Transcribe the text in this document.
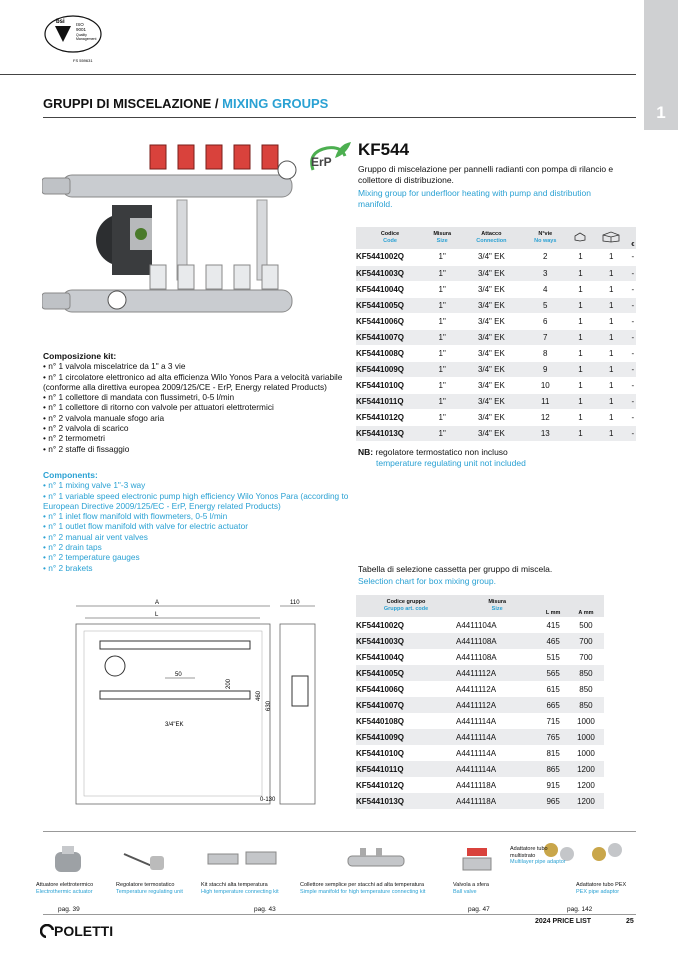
1
bsi	ISO
9001
Quality
Management
FS 559631
GRUPPI DI MISCELAZIONE / MIXING GROUPS
ErP
KF544
Gruppo di miscelazione per pannelli radianti con pompa di rilancio e collettore di distribuzione.
Mixing group for underfloor heating with pump and distribution manifold.
Codice
Code	Misura
Size	Attacco
Connection	N°vie
No ways			€

KF5441002Q	1"	3/4" EK	2	1	1	-
KF5441003Q	1"	3/4" EK	3	1	1	-
KF5441004Q	1"	3/4" EK	4	1	1	-
KF5441005Q	1"	3/4" EK	5	1	1	-
KF5441006Q	1"	3/4" EK	6	1	1	-
KF5441007Q	1"	3/4" EK	7	1	1	-
KF5441008Q	1"	3/4" EK	8	1	1	-
KF5441009Q	1"	3/4" EK	9	1	1	-
KF5441010Q	1"	3/4" EK	10	1	1	-
KF5441011Q	1"	3/4" EK	11	1	1	-
KF5441012Q	1"	3/4" EK	12	1	1	-
KF5441013Q	1"	3/4" EK	13	1	1	-
NB: regolatore termostatico non incluso
temperature regulating unit not included
Composizione kit:
• n° 1 valvola miscelatrice da 1" a 3 vie
• n° 1 circolatore elettronico ad alta efficienza Wilo Yonos Para a velocità variabile (conforme alla direttiva europea 2009/125/CE - ErP, Energy related Products)
• n° 1 collettore di mandata con flussimetri, 0-5 l/min
• n° 1 collettore di ritorno con valvole per attuatori elettrotermici
• n° 2 valvola manuale sfogo aria
• n° 2 valvola di scarico
• n° 2 termometri
• n° 2 staffe di fissaggio
Components:
• n° 1 mixing valve 1"-3 way
• n° 1 variable speed electronic pump high efficiency Wilo Yonos Para (according to European Directive 2009/125/EC - ErP, Energy related Products)
• n° 1 inlet flow manifold with flowmeters, 0-5 l/min
• n° 1 outlet flow manifold with valve for electric actuator
• n° 2 manual air vent valves
• n° 2 drain taps
• n° 2 temperature gauges
• n° 2 brakets	Tabella di selezione cassetta per gruppo di miscela.
Selection chart for box mixing group.
A
L
110
50
200
460
630
3/4"EK
0-130
Codice gruppo
Gruppo art. code	Misura
Size	L mm	A mm
KF5441002Q	A4411104A	415	500
KF5441003Q	A4411108A	465	700
KF5441004Q	A4411108A	515	700
KF5441005Q	A4411112A	565	850
KF5441006Q	A4411112A	615	850
KF5441007Q	A4411112A	665	850
KF5440108Q	A4411114A	715	1000
KF5441009Q	A4411114A	765	1000
KF5441010Q	A4411114A	815	1000
KF5441011Q	A4411114A	865	1200
KF5441012Q	A4411118A	915	1200
KF5441013Q	A4411118A	965	1200
Attuatore elettrotermico
Electrothermic actuator
Regolatore termostatico
Temperature regulating unit
Kit stacchi alta temperatura
High temperature connecting kit
Collettore semplice per stacchi ad alta temperatura
Simple manifold for high temperature connecting kit
Valvola a sfera
Ball valve
Adattatore tubo multistrato
Multilayer pipe adaptor
Adattatore tubo PEX
PEX pipe adaptor
pag. 39	pag. 43	pag. 47	pag. 142
POLETTI
2024 PRICE LIST	25
